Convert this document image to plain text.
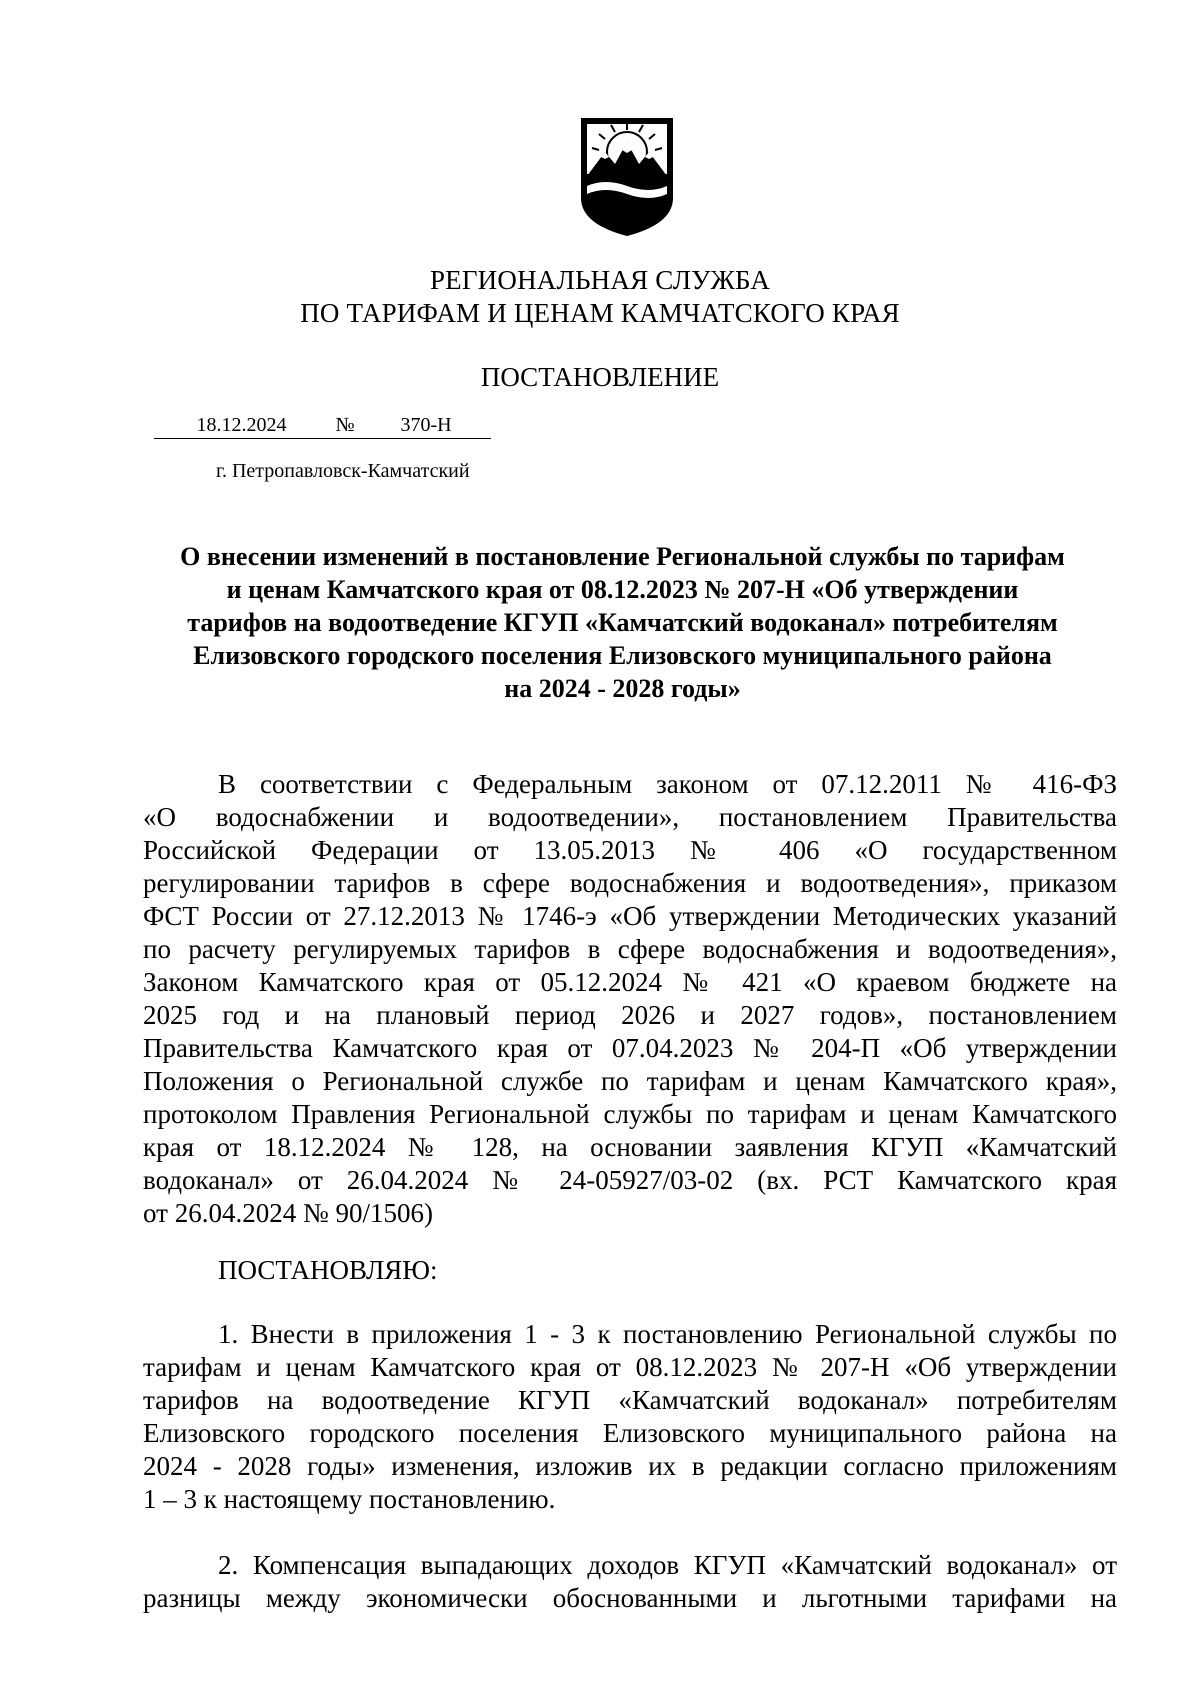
РЕГИОНАЛЬНАЯ СЛУЖБА
ПО ТАРИФАМ И ЦЕНАМ КАМЧАТСКОГО КРАЯ
ПОСТАНОВЛЕНИЕ
18.12.2024 № 370-Н
г. Петропавловск-Камчатский
О внесении изменений в постановление Региональной службы по тарифам
и ценам Камчатского края от 08.12.2023 № 207-Н «Об утверждении
тарифов на водоотведение КГУП «Камчатский водоканал» потребителям
Елизовского городского поселения Елизовского муниципального района
на 2024 - 2028 годы»
В соответствии с Федеральным законом от 07.12.2011 № 416-ФЗ
«О водоснабжении и водоотведении», постановлением Правительства
Российской Федерации от 13.05.2013 № 406 «О государственном
регулировании тарифов в сфере водоснабжения и водоотведения», приказом
ФСТ России от 27.12.2013 № 1746-э «Об утверждении Методических указаний
по расчету регулируемых тарифов в сфере водоснабжения и водоотведения»,
Законом Камчатского края от 05.12.2024 № 421 «О краевом бюджете на
2025 год и на плановый период 2026 и 2027 годов», постановлением
Правительства Камчатского края от 07.04.2023 № 204-П «Об утверждении
Положения о Региональной службе по тарифам и ценам Камчатского края»,
протоколом Правления Региональной службы по тарифам и ценам Камчатского
края от 18.12.2024 № 128, на основании заявления КГУП «Камчатский
водоканал» от 26.04.2024 № 24-05927/03-02 (вх. РСТ Камчатского края
от 26.04.2024 № 90/1506)
ПОСТАНОВЛЯЮ:
1. Внести в приложения 1 - 3 к постановлению Региональной службы по
тарифам и ценам Камчатского края от 08.12.2023 № 207-Н «Об утверждении
тарифов на водоотведение КГУП «Камчатский водоканал» потребителям
Елизовского городского поселения Елизовского муниципального района на
2024 - 2028 годы» изменения, изложив их в редакции согласно приложениям
1 – 3 к настоящему постановлению.
2. Компенсация выпадающих доходов КГУП «Камчатский водоканал» от
разницы между экономически обоснованными и льготными тарифами на
